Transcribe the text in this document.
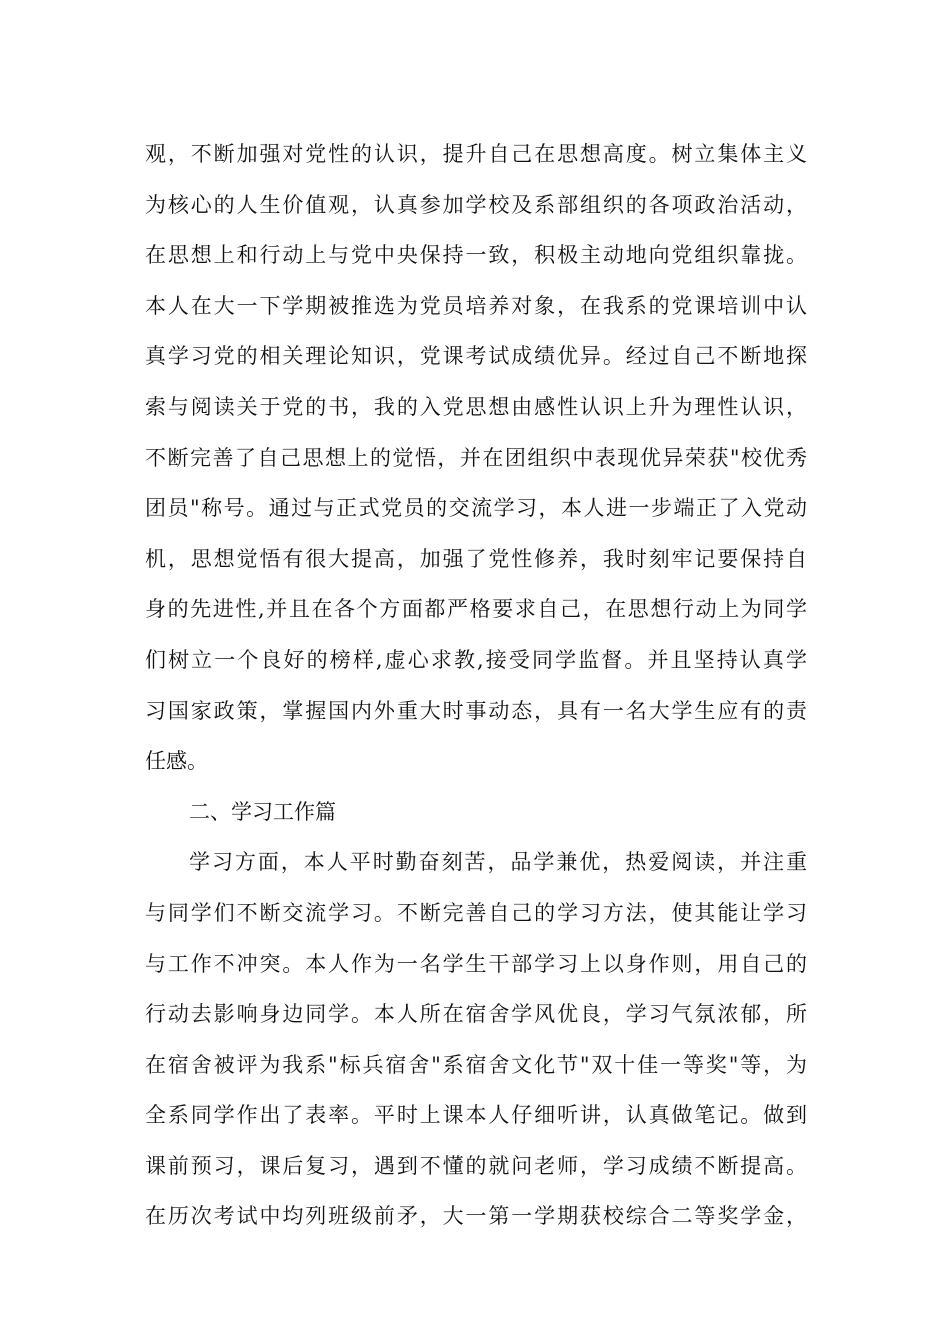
观，不断加强对党性的认识，提升自己在思想高度。树立集体主义
为核心的人生价值观，认真参加学校及系部组织的各项政治活动，
在思想上和行动上与党中央保持一致，积极主动地向党组织靠拢。
本人在大一下学期被推选为党员培养对象，在我系的党课培训中认
真学习党的相关理论知识，党课考试成绩优异。经过自己不断地探
索与阅读关于党的书，我的入党思想由感性认识上升为理性认识，
不断完善了自己思想上的觉悟，并在团组织中表现优异荣获"校优秀
团员"称号。通过与正式党员的交流学习，本人进一步端正了入党动
机，思想觉悟有很大提高，加强了党性修养，我时刻牢记要保持自
身的先进性,并且在各个方面都严格要求自己，在思想行动上为同学
们树立一个良好的榜样,虚心求教,接受同学监督。并且坚持认真学
习国家政策，掌握国内外重大时事动态，具有一名大学生应有的责
任感。
二、学习工作篇
学习方面，本人平时勤奋刻苦，品学兼优，热爱阅读，并注重
与同学们不断交流学习。不断完善自己的学习方法，使其能让学习
与工作不冲突。本人作为一名学生干部学习上以身作则，用自己的
行动去影响身边同学。本人所在宿舍学风优良，学习气氛浓郁，所
在宿舍被评为我系"标兵宿舍"系宿舍文化节"双十佳一等奖"等，为
全系同学作出了表率。平时上课本人仔细听讲，认真做笔记。做到
课前预习，课后复习，遇到不懂的就问老师，学习成绩不断提高。
在历次考试中均列班级前矛，大一第一学期获校综合二等奖学金，
